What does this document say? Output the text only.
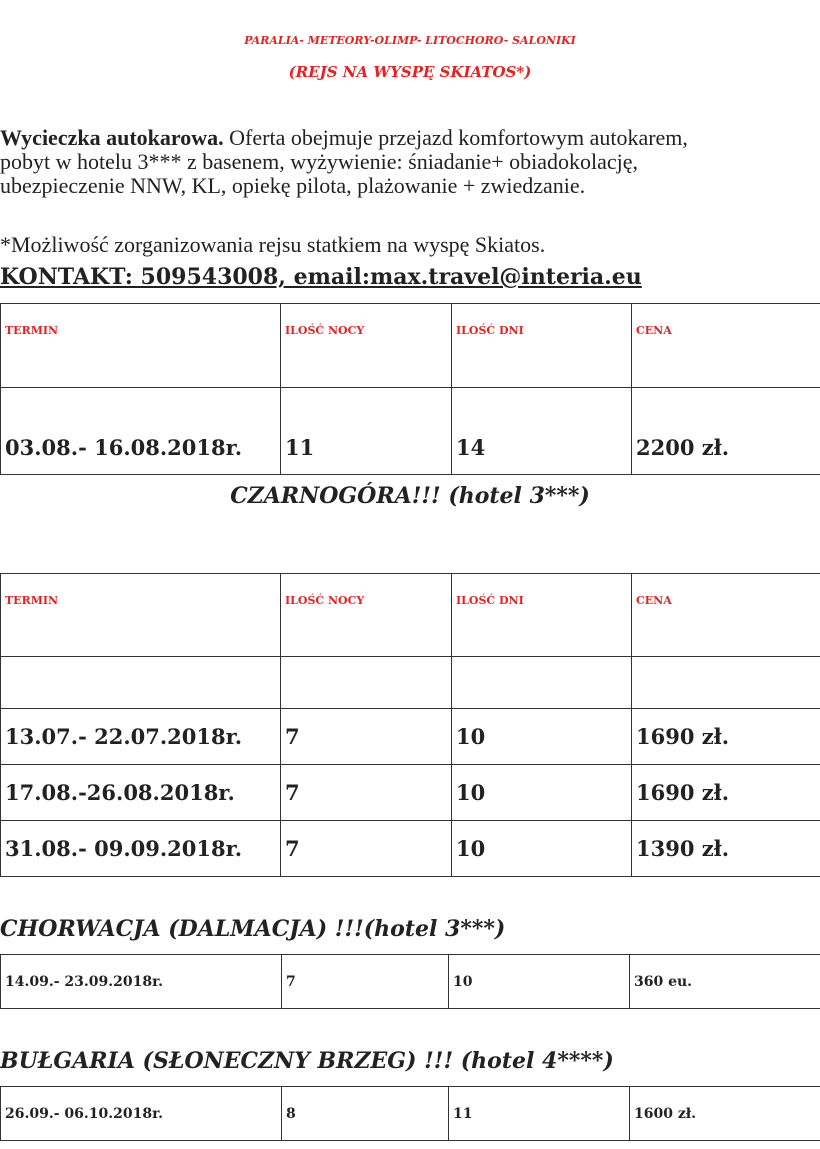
PARALIA- METEORY-OLIMP- LITOCHORO- SALONIKI
(REJS NA WYSPĘ SKIATOS*)
Wycieczka autokarowa. Oferta obejmuje przejazd komfortowym autokarem, pobyt w hotelu 3*** z basenem, wyżywienie: śniadanie+ obiadokolację, ubezpieczenie NNW, KL, opiekę pilota, plażowanie + zwiedzanie.
*Możliwość zorganizowania rejsu statkiem na wyspę Skiatos.
KONTAKT: 509543008, email:max.travel@interia.eu
TERMIN	ILOŚĆ NOCY	ILOŚĆ DNI	CENA
03.08.- 16.08.2018r.	11	14	2200 zł.
CZARNOGÓRA!!! (hotel 3***)
TERMIN	ILOŚĆ NOCY	ILOŚĆ DNI	CENA

13.07.- 22.07.2018r.	7	10	1690 zł.
17.08.-26.08.2018r.	7	10	1690 zł.
31.08.- 09.09.2018r.	7	10	1390 zł.
CHORWACJA (DALMACJA) !!!(hotel 3***)
14.09.- 23.09.2018r.	7	10	360 eu.
BUŁGARIA (SŁONECZNY BRZEG) !!! (hotel 4****)
26.09.- 06.10.2018r.	8	11	1600 zł.
